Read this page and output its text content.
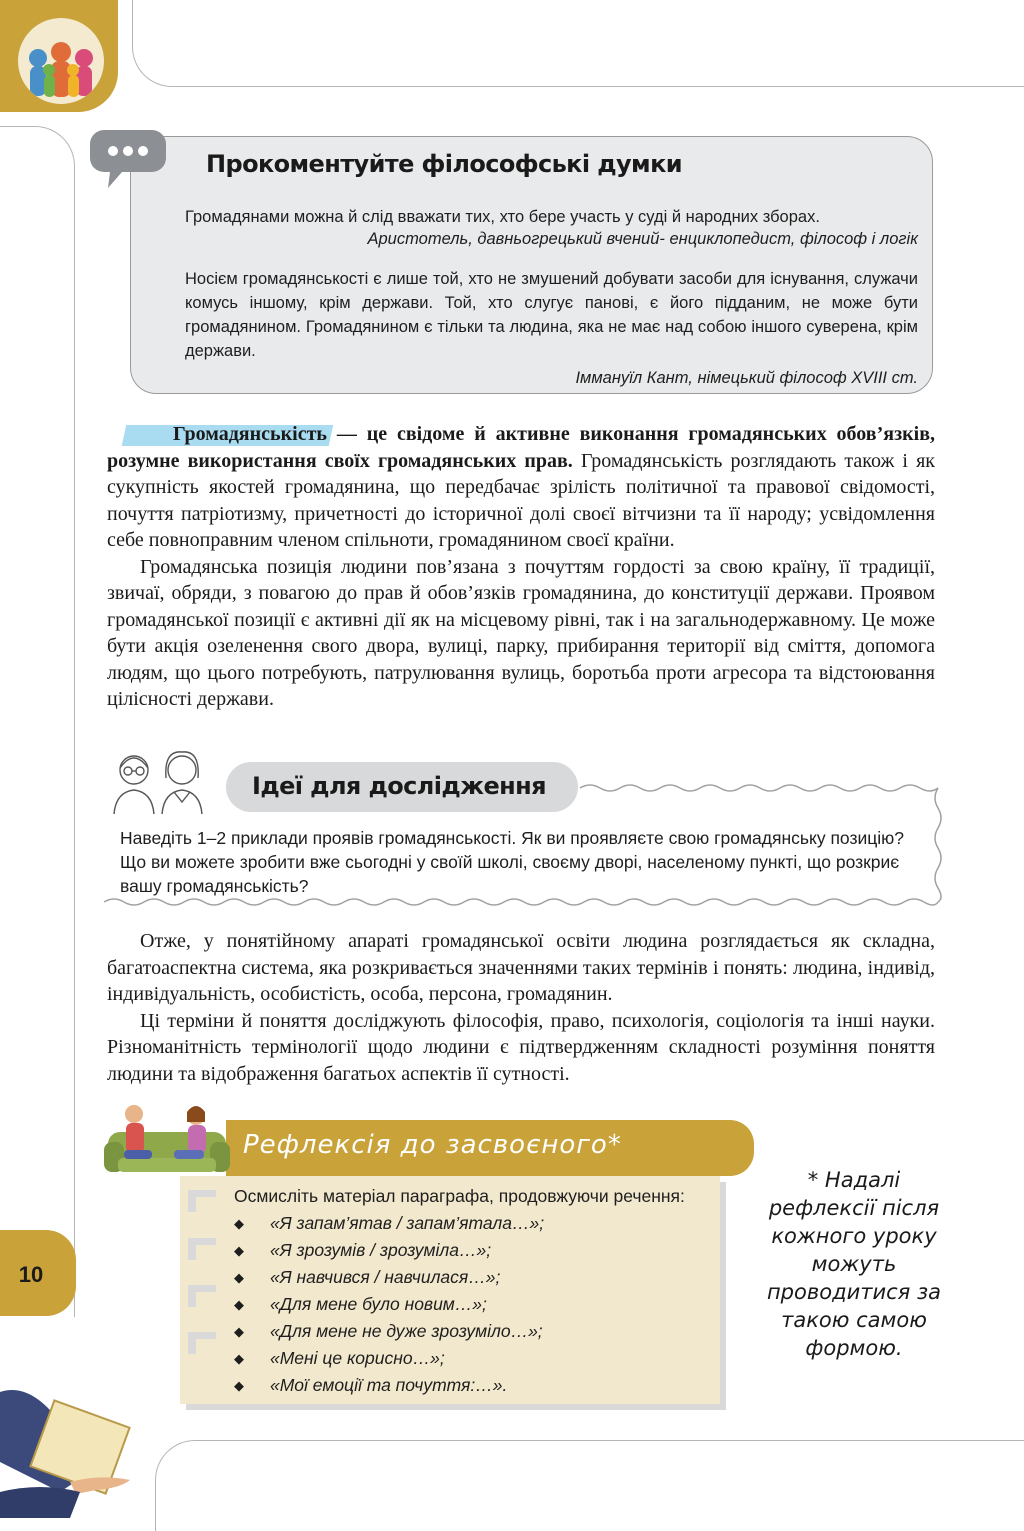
10
Громадянами можна й слід вважати тих, хто бере участь у суді й народних зборах.
Аристотель, давньогрецький вчений- енциклопедист, філософ і логік

Носієм громадянськості є лише той, хто не змушений добувати засоби для існування, служачи комусь іншому, крім держави. Той, хто слугує панові, є його підданим, не може бути громадянином. Громадянином є тільки та людина, яка не має над собою іншого суверена, крім держави.

Іммануїл Кант, німецький філософ XVIII ст.
Прокоментуйте філософські думки

Громадянськість — це свідоме й активне виконання громадянських обов’язків, розумне використання своїх громадянських прав. Громадянськість розглядають також і як сукупність якостей громадянина, що передбачає зрілість політичної та правової свідомості, почуття патріотизму, причетності до історичної долі своєї вітчизни та її народу; усвідомлення себе повноправним членом спільноти, громадянином своєї країни.

Громадянська позиція людини пов’язана з почуттям гордості за свою країну, її традиції, звичаї, обряди, з повагою до прав й обов’язків громадянина, до конституції держави. Проявом громадянської позиції є активні дії як на місцевому рівні, так і на загальнодержавному. Це може бути акція озеленення свого двора, вулиці, парку, прибирання території від сміття, допомога людям, що цього потребують, патрулювання вулиць, боротьба проти агресора та відстоювання цілісності держави.

Ідеї для дослідження
Наведіть 1–2 приклади проявів громадянськості. Як ви проявляєте свою громадянську позицію? Що ви можете зробити вже сьогодні у своїй школі, своєму дворі, населеному пункті, що розкриє вашу громадянськість?

Отже, у понятійному апараті громадянської освіти людина розглядається як складна, багатоаспектна система, яка розкривається значеннями таких термінів і понять: людина, індивід, індивідуальність, особистість, особа, персона, громадянин.

Ці терміни й поняття досліджують філософія, право, психологія, соціологія та інші науки. Різноманітність термінології щодо людини є підтвердженням складності розуміння поняття людини та відображення багатьох аспектів її сутності.

Рефлексія до засвоєного*
Осмисліть матеріал параграфа, продовжуючи речення:
◆ «Я запам’ятав / запам’ятала…»;
◆ «Я зрозумів / зрозуміла…»;
◆ «Я навчився / навчилася…»;
◆ «Для мене було новим…»;
◆ «Для мене не дуже зрозуміло…»;
◆ «Мені це корисно…»;
◆ «Мої емоції та почуття:…».
* Надалі рефлексії після кожного уроку можуть проводитися за такою самою формою.
